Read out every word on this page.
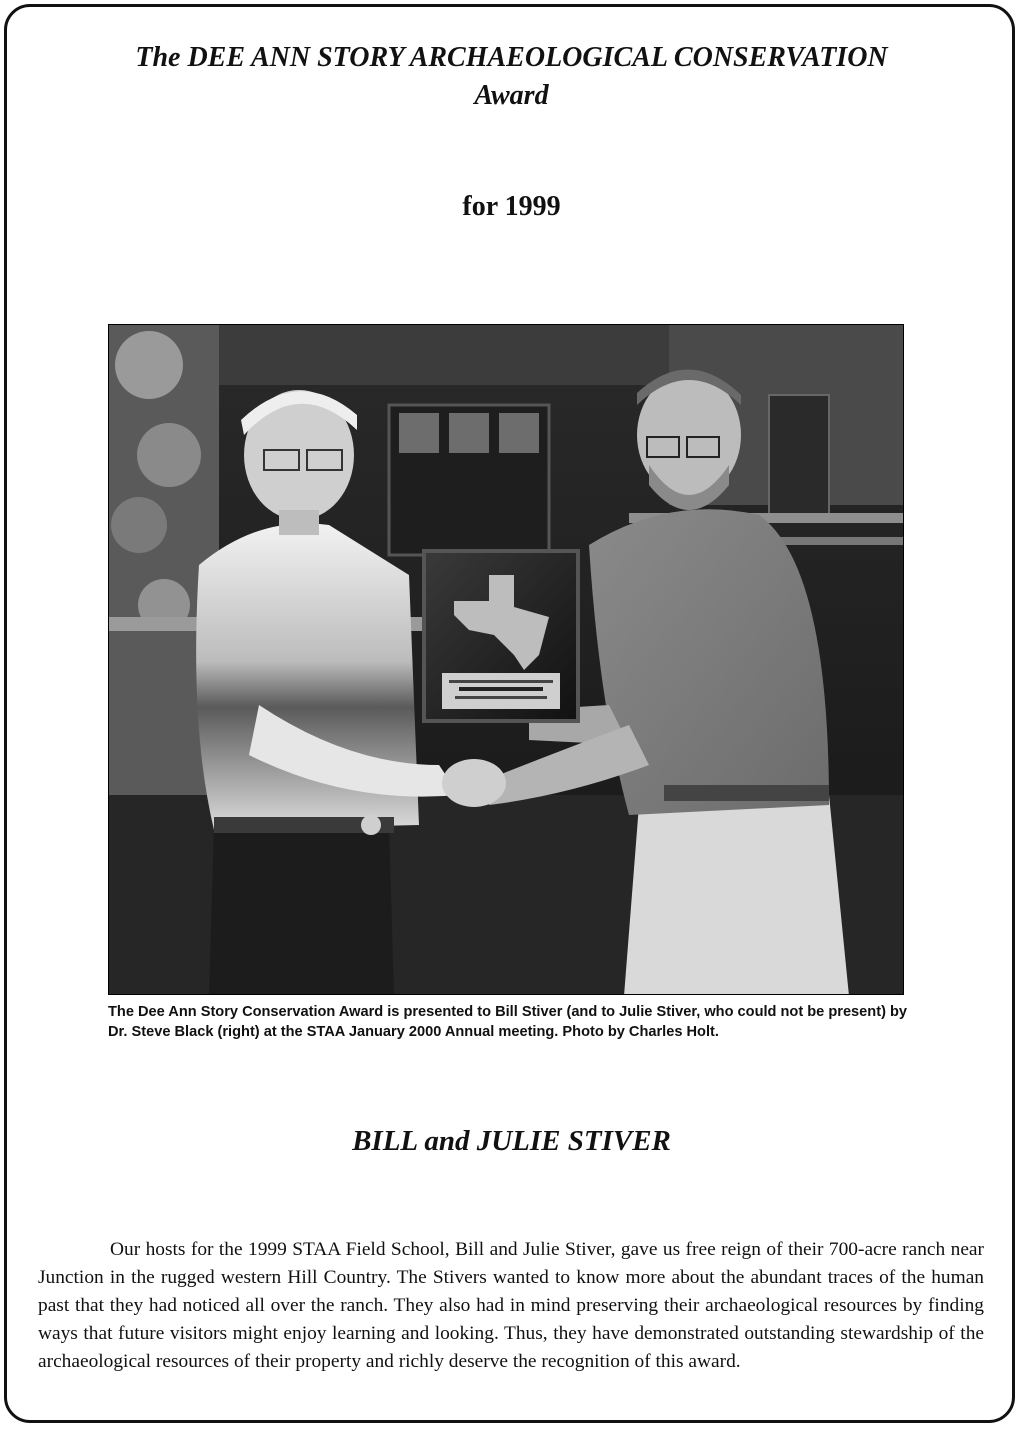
The DEE ANN STORY ARCHAEOLOGICAL CONSERVATION
Award
for 1999
The Dee Ann Story Conservation Award is presented to Bill Stiver (and to Julie Stiver, who could not be present) by Dr. Steve Black (right) at the STAA January 2000 Annual meeting. Photo by Charles Holt.
BILL and JULIE STIVER

Our hosts for the 1999 STAA Field School, Bill and Julie Stiver, gave us free reign of their 700-acre ranch near Junction in the rugged western Hill Country. The Stivers wanted to know more about the abundant traces of the human past that they had noticed all over the ranch. They also had in mind preserving their archaeological resources by finding ways that future visitors might enjoy learning and looking. Thus, they have demonstrated outstanding stewardship of the archaeological resources of their property and richly deserve the recognition of this award.
